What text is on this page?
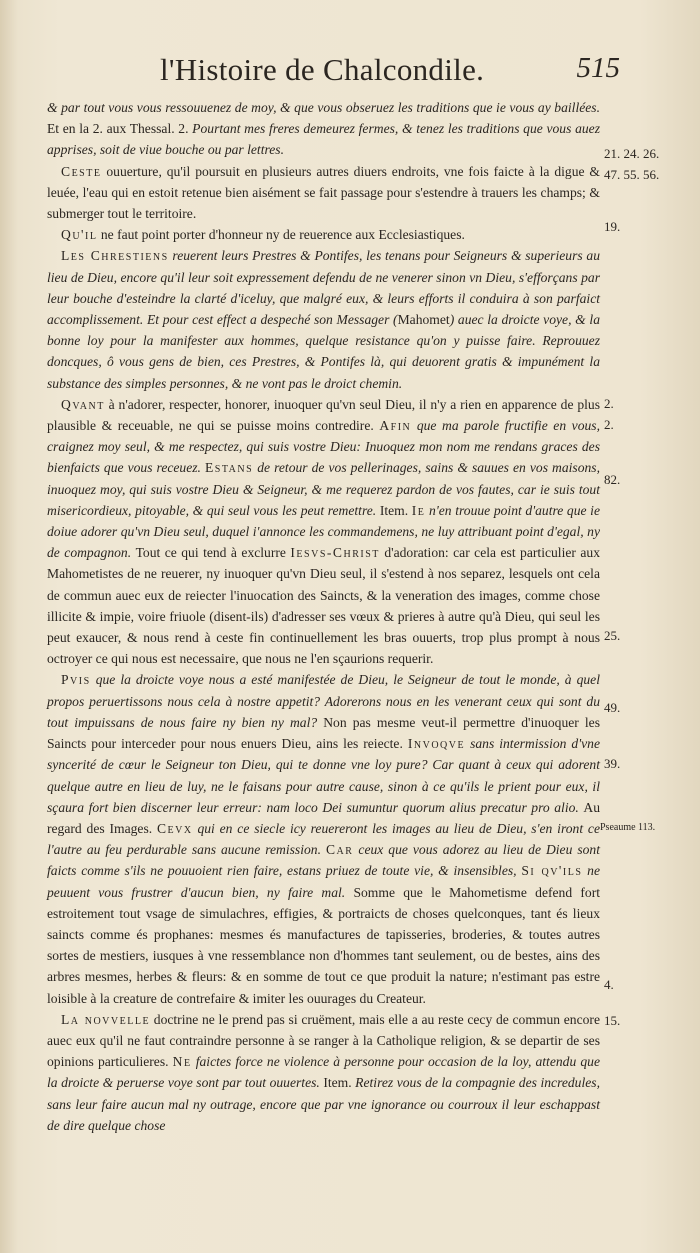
l'Histoire de Chalcondile.	515

& par tout vous vous ressouuenez de moy, & que vous obseruez les traditions que ie vous ay baillées. Et en la 2. aux Thessal. 2. Pourtant mes freres demeurez fermes, & tenez les traditions que vous auez apprises, soit de viue bouche ou par lettres.

Ceste ouuerture, qu'il poursuit en plusieurs autres diuers endroits, vne fois faicte à la digue & leuée, l'eau qui en estoit retenue bien aisément se fait passage pour s'estendre à trauers les champs; & submerger tout le territoire.

Qu'il ne faut point porter d'honneur ny de reuerence aux Ecclesiastiques.

Les Chrestiens reuerent leurs Prestres & Pontifes, les tenans pour Seigneurs & superieurs au lieu de Dieu, encore qu'il leur soit expressement defendu de ne venerer sinon vn Dieu, s'efforçans par leur bouche d'esteindre la clarté d'iceluy, que malgré eux, & leurs efforts il conduira à son parfaict accomplissement. Et pour cest effect a despeché son Messager (Mahomet) auec la droicte voye, & la bonne loy pour la manifester aux hommes, quelque resistance qu'on y puisse faire. Reprouuez doncques, ô vous gens de bien, ces Prestres, & Pontifes là, qui deuorent gratis & impunément la substance des simples personnes, & ne vont pas le droict chemin.

Qvant à n'adorer, respecter, honorer, inuoquer qu'vn seul Dieu, il n'y a rien en apparence de plus plausible & receuable, ne qui se puisse moins contredire. Afin que ma parole fructifie en vous, craignez moy seul, & me respectez, qui suis vostre Dieu: Inuoquez mon nom me rendans graces des bienfaicts que vous receuez. Estans de retour de vos pellerinages, sains & sauues en vos maisons, inuoquez moy, qui suis vostre Dieu & Seigneur, & me requerez pardon de vos fautes, car ie suis tout misericordieux, pitoyable, & qui seul vous les peut remettre. Item. Ie n'en trouue point d'autre que ie doiue adorer qu'vn Dieu seul, duquel i'annonce les commandemens, ne luy attribuant point d'egal, ny de compagnon. Tout ce qui tend à exclurre Iesvs-Christ d'adoration: car cela est particulier aux Mahometistes de ne reuerer, ny inuoquer qu'vn Dieu seul, il s'estend à nos separez, lesquels ont cela de commun auec eux de reiecter l'inuocation des Saincts, & la veneration des images, comme chose illicite & impie, voire friuole (disent-ils) d'adresser ses vœux & prieres à autre qu'à Dieu, qui seul les peut exaucer, & nous rend à ceste fin continuellement les bras ouuerts, trop plus prompt à nous octroyer ce qui nous est necessaire, que nous ne l'en sçaurions requerir.

Pvis que la droicte voye nous a esté manifestée de Dieu, le Seigneur de tout le monde, à quel propos peruertissons nous cela à nostre appetit? Adorerons nous en les venerant ceux qui sont du tout impuissans de nous faire ny bien ny mal? Non pas mesme veut-il permettre d'inuoquer les Saincts pour interceder pour nous enuers Dieu, ains les reiecte. Invoqve sans intermission d'vne syncerité de cœur le Seigneur ton Dieu, qui te donne vne loy pure? Car quant à ceux qui adorent quelque autre en lieu de luy, ne le faisans pour autre cause, sinon à ce qu'ils le prient pour eux, il sçaura fort bien discerner leur erreur: nam loco Dei sumuntur quorum alius precatur pro alio. Au regard des Images. Cevx qui en ce siecle icy reuereront les images au lieu de Dieu, s'en iront ce l'autre au feu perdurable sans aucune remission. Car ceux que vous adorez au lieu de Dieu sont faicts comme s'ils ne pouuoient rien faire, estans priuez de toute vie, & insensibles, Si qv'ils ne peuuent vous frustrer d'aucun bien, ny faire mal. Somme que le Mahometisme defend fort estroitement tout vsage de simulachres, effigies, & portraicts de choses quelconques, tant és lieux saincts comme és prophanes: mesmes és manufactures de tapisseries, broderies, & toutes autres sortes de mestiers, iusques à vne ressemblance non d'hommes tant seulement, ou de bestes, ains des arbres mesmes, herbes & fleurs: & en somme de tout ce que produit la nature; n'estimant pas estre loisible à la creature de contrefaire & imiter les ouurages du Createur.

La novvelle doctrine ne le prend pas si cruëment, mais elle a au reste cecy de commun encore auec eux qu'il ne faut contraindre personne à se ranger à la Catholique religion, & se departir de ses opinions particulieres. Ne faictes force ne violence à personne pour occasion de la loy, attendu que la droicte & peruerse voye sont par tout ouuertes. Item. Retirez vous de la compagnie des incredules, sans leur faire aucun mal ny outrage, encore que par vne ignorance ou courroux il leur eschappast de dire quelque chose

21. 24. 26.
47. 55. 56.
19.
2.
2.
82.
25.
49.
39.
Pseaume 113.
4.
15.
